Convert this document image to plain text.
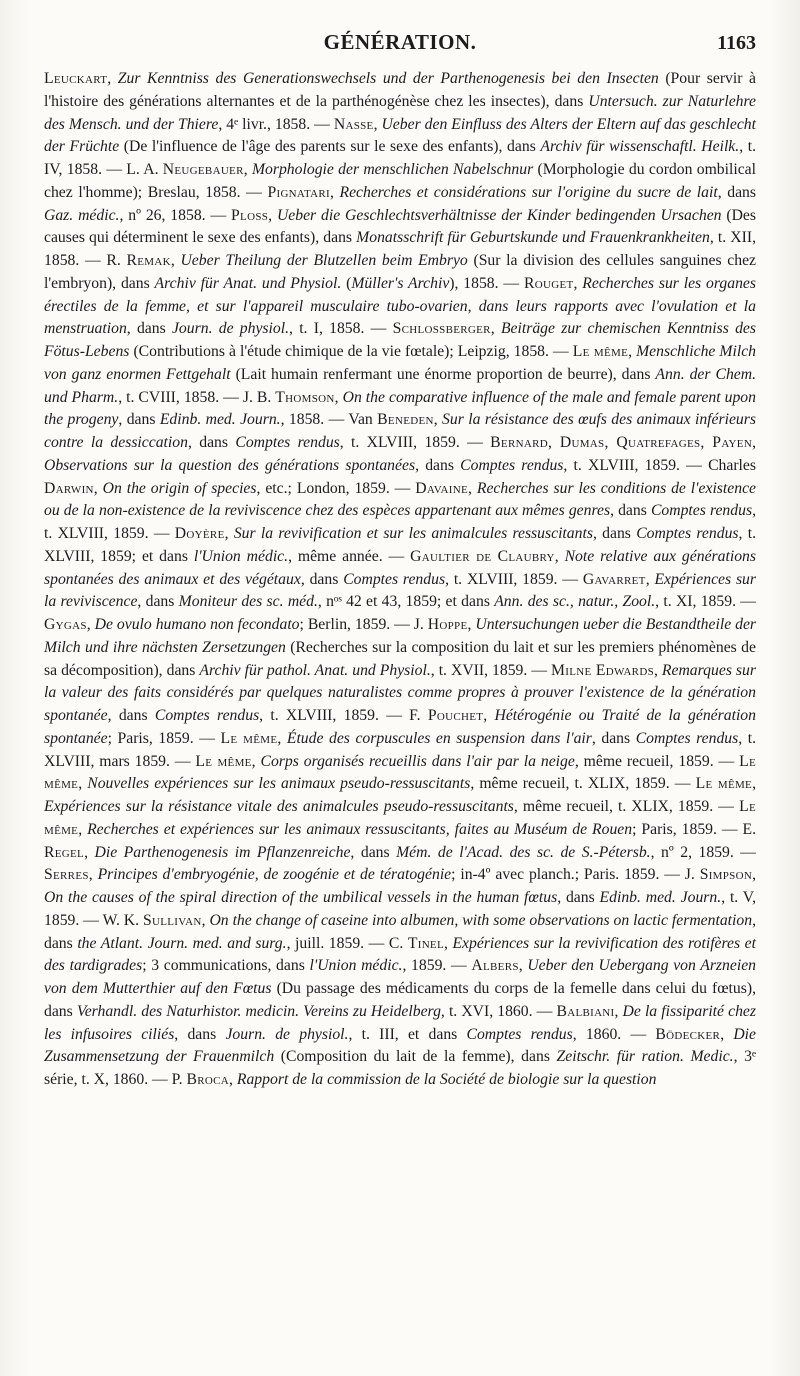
GÉNÉRATION.	1163

Leuckart, Zur Kenntniss des Generationswechsels und der Parthenogenesis bei den Insecten (Pour servir à l'histoire des générations alternantes et de la parthénogénèse chez les insectes), dans Untersuch. zur Naturlehre des Mensch. und der Thiere, 4ᵉ livr., 1858. — Nasse, Ueber den Einfluss des Alters der Eltern auf das geschlecht der Früchte (De l'influence de l'âge des parents sur le sexe des enfants), dans Archiv für wissenschaftl. Heilk., t. IV, 1858. — L. A. Neugebauer, Morphologie der menschlichen Nabelschnur (Morphologie du cordon ombilical chez l'homme); Breslau, 1858. — Pignatari, Recherches et considérations sur l'origine du sucre de lait, dans Gaz. médic., nº 26, 1858. — Ploss, Ueber die Geschlechtsverhältnisse der Kinder bedingenden Ursachen (Des causes qui déterminent le sexe des enfants), dans Monatsschrift für Geburtskunde und Frauenkrankheiten, t. XII, 1858. — R. Remak, Ueber Theilung der Blutzellen beim Embryo (Sur la division des cellules sanguines chez l'embryon), dans Archiv für Anat. und Physiol. (Müller's Archiv), 1858. — Rouget, Recherches sur les organes érectiles de la femme, et sur l'appareil musculaire tubo-ovarien, dans leurs rapports avec l'ovulation et la menstruation, dans Journ. de physiol., t. I, 1858. — Schlossberger, Beiträge zur chemischen Kenntniss des Fötus-Lebens (Contributions à l'étude chimique de la vie fœtale); Leipzig, 1858. — Le même, Menschliche Milch von ganz enormen Fettgehalt (Lait humain renfermant une énorme proportion de beurre), dans Ann. der Chem. und Pharm., t. CVIII, 1858. — J. B. Thomson, On the comparative influence of the male and female parent upon the progeny, dans Edinb. med. Journ., 1858. — Van Beneden, Sur la résistance des œufs des animaux inférieurs contre la dessiccation, dans Comptes rendus, t. XLVIII, 1859. — Bernard, Dumas, Quatrefages, Payen, Observations sur la question des générations spontanées, dans Comptes rendus, t. XLVIII, 1859. — Charles Darwin, On the origin of species, etc.; London, 1859. — Davaine, Recherches sur les conditions de l'existence ou de la non-existence de la reviviscence chez des espèces appartenant aux mêmes genres, dans Comptes rendus, t. XLVIII, 1859. — Doyère, Sur la revivification et sur les animalcules ressuscitants, dans Comptes rendus, t. XLVIII, 1859; et dans l'Union médic., même année. — Gaultier de Claubry, Note relative aux générations spontanées des animaux et des végétaux, dans Comptes rendus, t. XLVIII, 1859. — Gavarret, Expériences sur la reviviscence, dans Moniteur des sc. méd., nᵒˢ 42 et 43, 1859; et dans Ann. des sc., natur., Zool., t. XI, 1859. — Gygas, De ovulo humano non fecondato; Berlin, 1859. — J. Hoppe, Untersuchungen ueber die Bestandtheile der Milch und ihre nächsten Zersetzungen (Recherches sur la composition du lait et sur les premiers phénomènes de sa décomposition), dans Archiv für pathol. Anat. und Physiol., t. XVII, 1859. — Milne Edwards, Remarques sur la valeur des faits considérés par quelques naturalistes comme propres à prouver l'existence de la génération spontanée, dans Comptes rendus, t. XLVIII, 1859. — F. Pouchet, Hétérogénie ou Traité de la génération spontanée; Paris, 1859. — Le même, Étude des corpuscules en suspension dans l'air, dans Comptes rendus, t. XLVIII, mars 1859. — Le même, Corps organisés recueillis dans l'air par la neige, même recueil, 1859. — Le même, Nouvelles expériences sur les animaux pseudo-ressuscitants, même recueil, t. XLIX, 1859. — Le même, Expériences sur la résistance vitale des animalcules pseudo-ressuscitants, même recueil, t. XLIX, 1859. — Le même, Recherches et expériences sur les animaux ressuscitants, faites au Muséum de Rouen; Paris, 1859. — E. Regel, Die Parthenogenesis im Pflanzenreiche, dans Mém. de l'Acad. des sc. de S.-Pétersb., nº 2, 1859. — Serres, Principes d'embryogénie, de zoogénie et de tératogénie; in-4º avec planch.; Paris. 1859. — J. Simpson, On the causes of the spiral direction of the umbilical vessels in the human fœtus, dans Edinb. med. Journ., t. V, 1859. — W. K. Sullivan, On the change of caseine into albumen, with some observations on lactic fermentation, dans the Atlant. Journ. med. and surg., juill. 1859. — C. Tinel, Expériences sur la revivification des rotifères et des tardigrades; 3 communications, dans l'Union médic., 1859. — Albers, Ueber den Uebergang von Arzneien von dem Mutterthier auf den Fœtus (Du passage des médicaments du corps de la femelle dans celui du fœtus), dans Verhandl. des Naturhistor. medicin. Vereins zu Heidelberg, t. XVI, 1860. — Balbiani, De la fissiparité chez les infusoires ciliés, dans Journ. de physiol., t. III, et dans Comptes rendus, 1860. — Bödecker, Die Zusammensetzung der Frauenmilch (Composition du lait de la femme), dans Zeitschr. für ration. Medic., 3ᵉ série, t. X, 1860. — P. Broca, Rapport de la commission de la Société de biologie sur la question
